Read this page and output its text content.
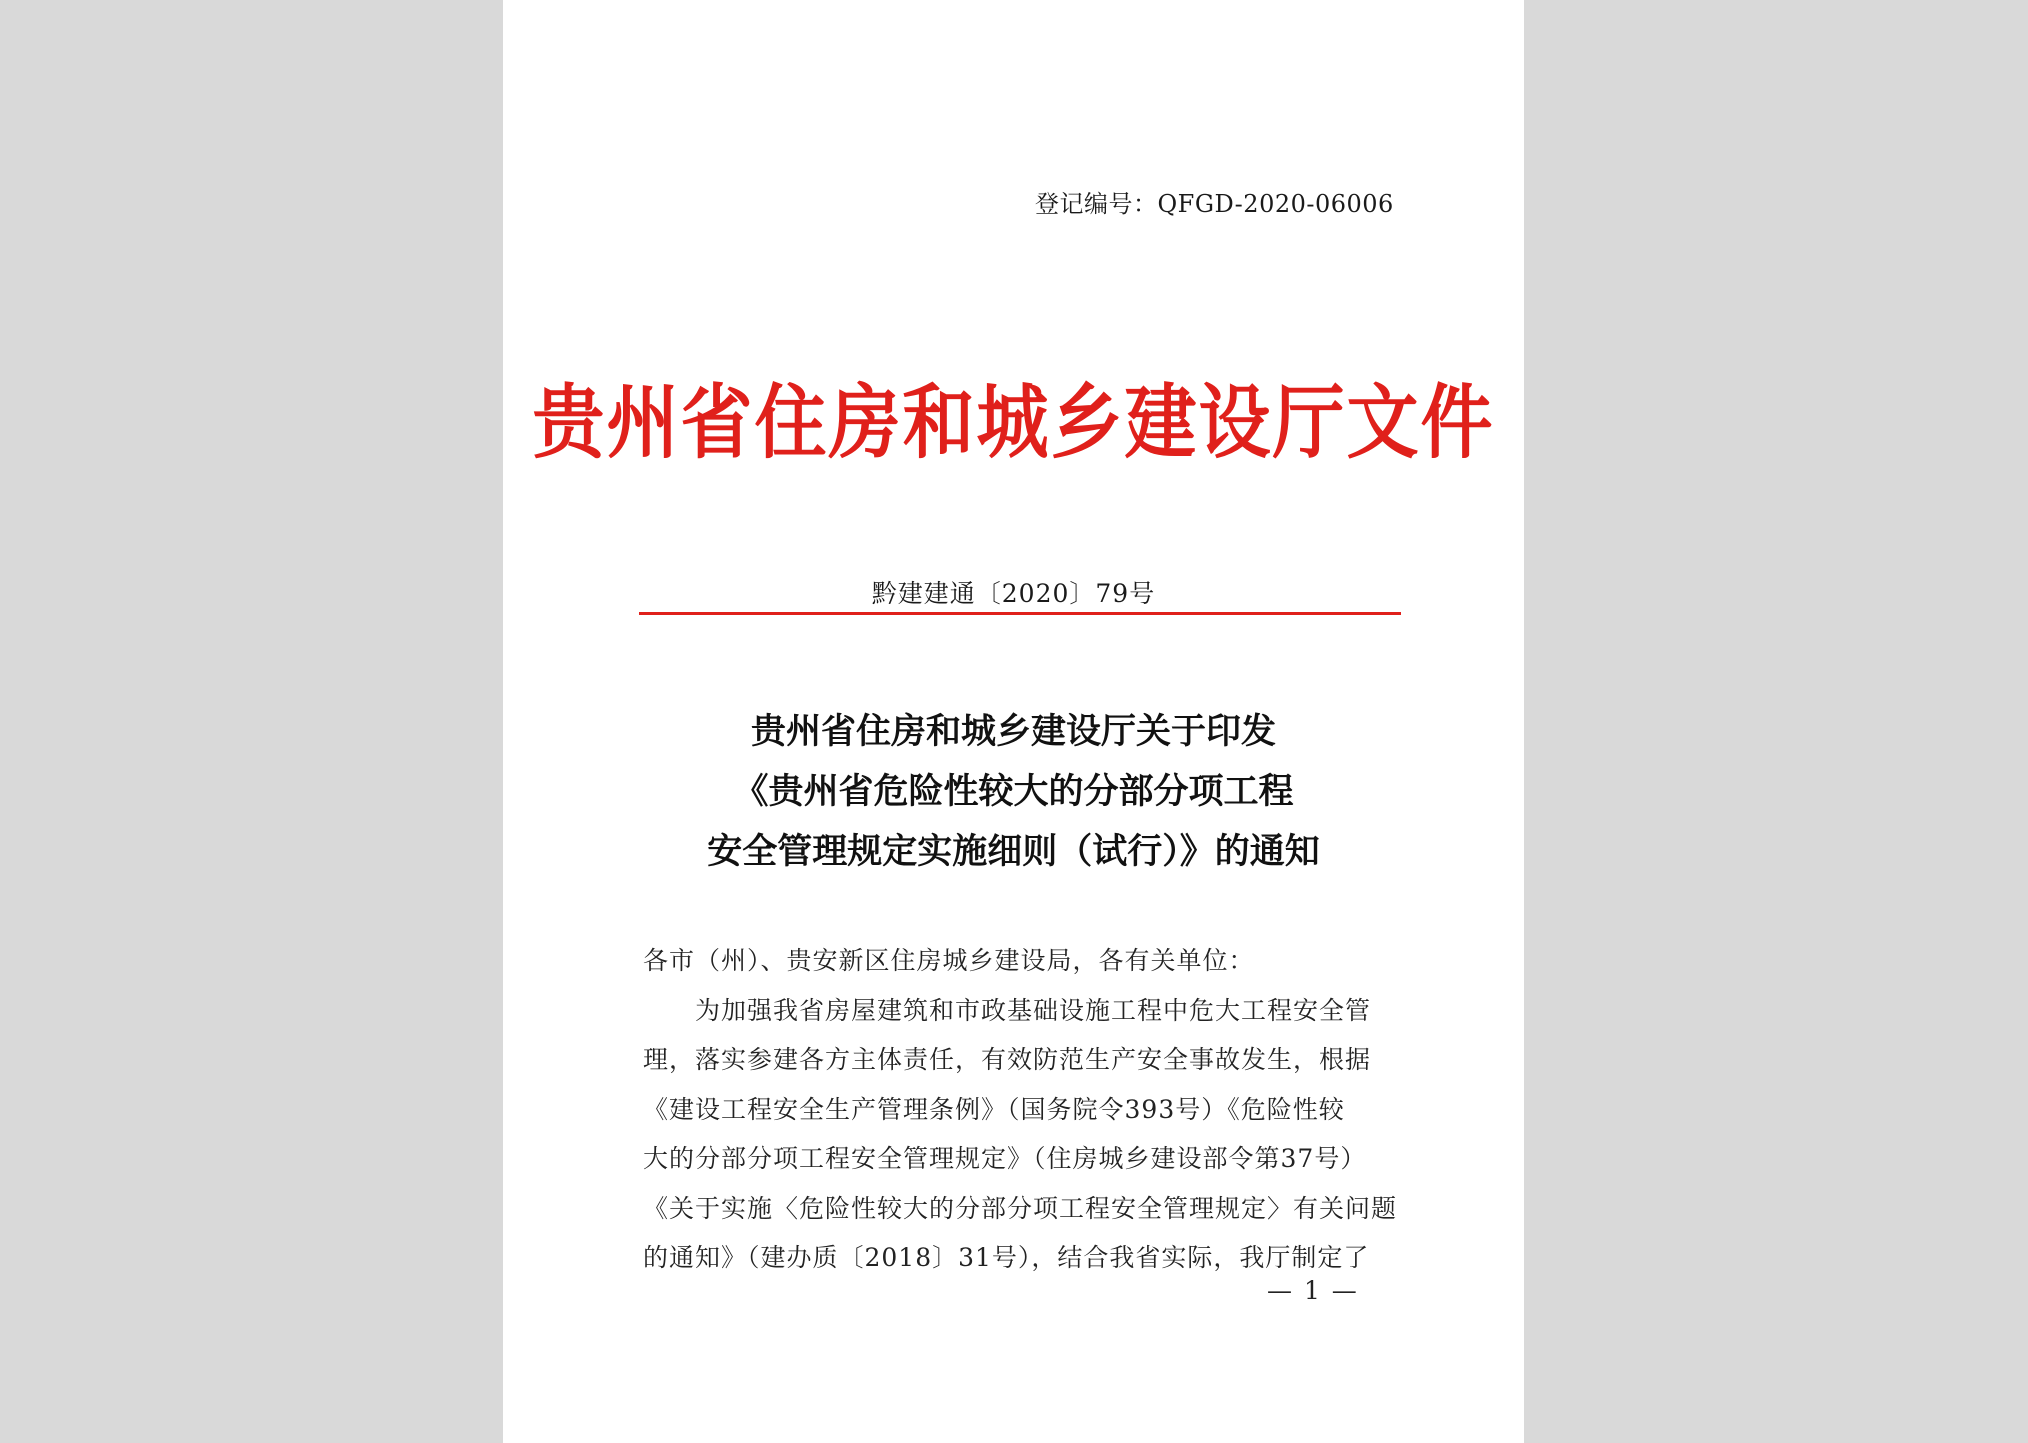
登记编号：QFGD-2020-06006
贵州省住房和城乡建设厅文件
黔建建通〔2020〕79号
贵州省住房和城乡建设厅关于印发
《贵州省危险性较大的分部分项工程
安全管理规定实施细则（试行）》的通知
各市（州）、贵安新区住房城乡建设局，各有关单位：
为加强我省房屋建筑和市政基础设施工程中危大工程安全管
理，落实参建各方主体责任，有效防范生产安全事故发生，根据
《建设工程安全生产管理条例》（国务院令393号）《危险性较
大的分部分项工程安全管理规定》（住房城乡建设部令第37号）
《关于实施〈危险性较大的分部分项工程安全管理规定〉有关问题
的通知》（建办质〔2018〕31号），结合我省实际，我厅制定了
— 1 —
